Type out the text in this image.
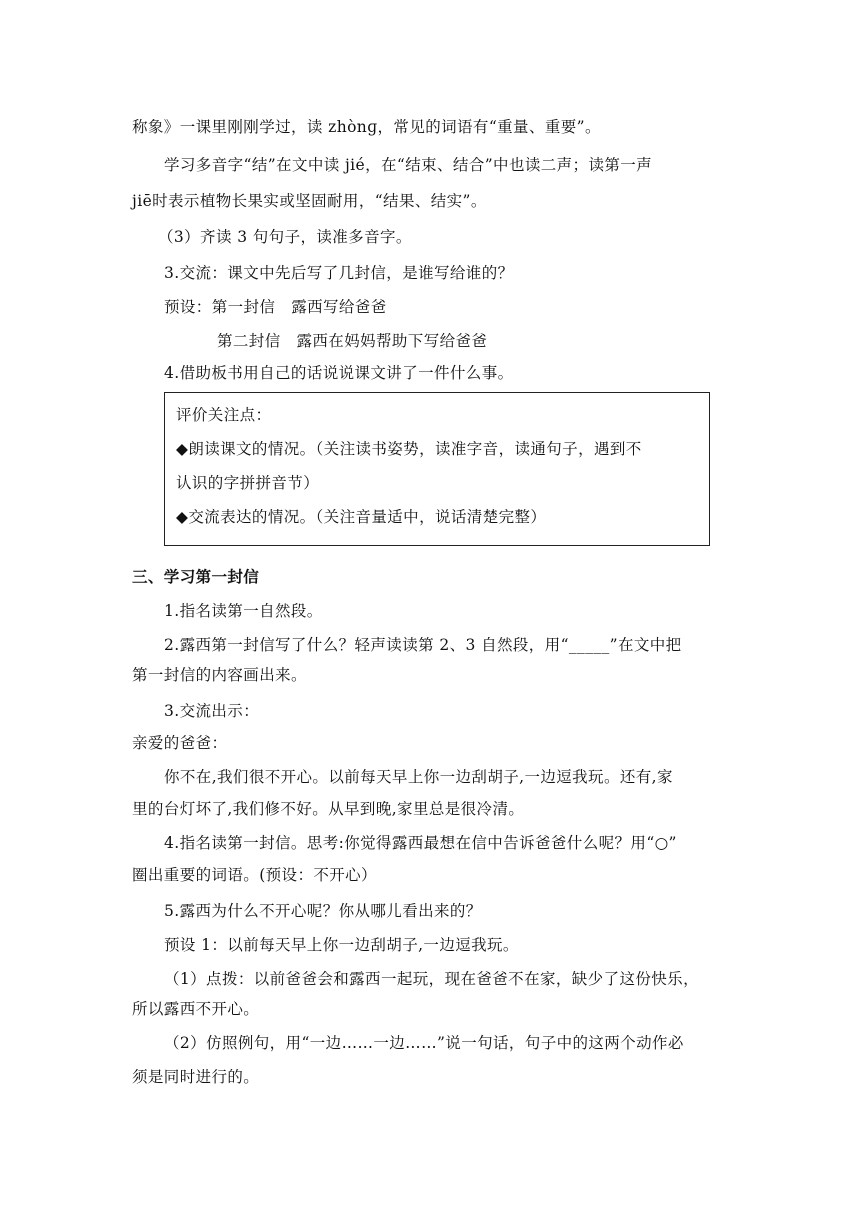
称象》一课里刚刚学过，读 zhònɡ，常见的词语有“重量、重要”。
学习多音字“结”在文中读 jié，在“结束、结合”中也读二声；读第一声
jiē时表示植物长果实或坚固耐用，“结果、结实”。
（3）齐读 3 句句子，读准多音字。
3.交流：课文中先后写了几封信，是谁写给谁的？
预设：第一封信　露西写给爸爸
第二封信　露西在妈妈帮助下写给爸爸
4.借助板书用自己的话说说课文讲了一件什么事。
评价关注点：
◆朗读课文的情况。（关注读书姿势，读准字音，读通句子，遇到不
认识的字拼拼音节）
◆交流表达的情况。（关注音量适中，说话清楚完整）
三、学习第一封信
1.指名读第一自然段。
2.露西第一封信写了什么？轻声读读第 2、3 自然段，用“_____”在文中把
第一封信的内容画出来。
3.交流出示：
亲爱的爸爸：
你不在,我们很不开心。以前每天早上你一边刮胡子,一边逗我玩。还有,家
里的台灯坏了,我们修不好。从早到晚,家里总是很冷清。
4.指名读第一封信。思考:你觉得露西最想在信中告诉爸爸什么呢？用“○”
圈出重要的词语。(预设：不开心）
5.露西为什么不开心呢？你从哪儿看出来的？
预设 1：以前每天早上你一边刮胡子,一边逗我玩。
（1）点拨：以前爸爸会和露西一起玩，现在爸爸不在家，缺少了这份快乐，
所以露西不开心。
（2）仿照例句，用“一边……一边……”说一句话，句子中的这两个动作必
须是同时进行的。
